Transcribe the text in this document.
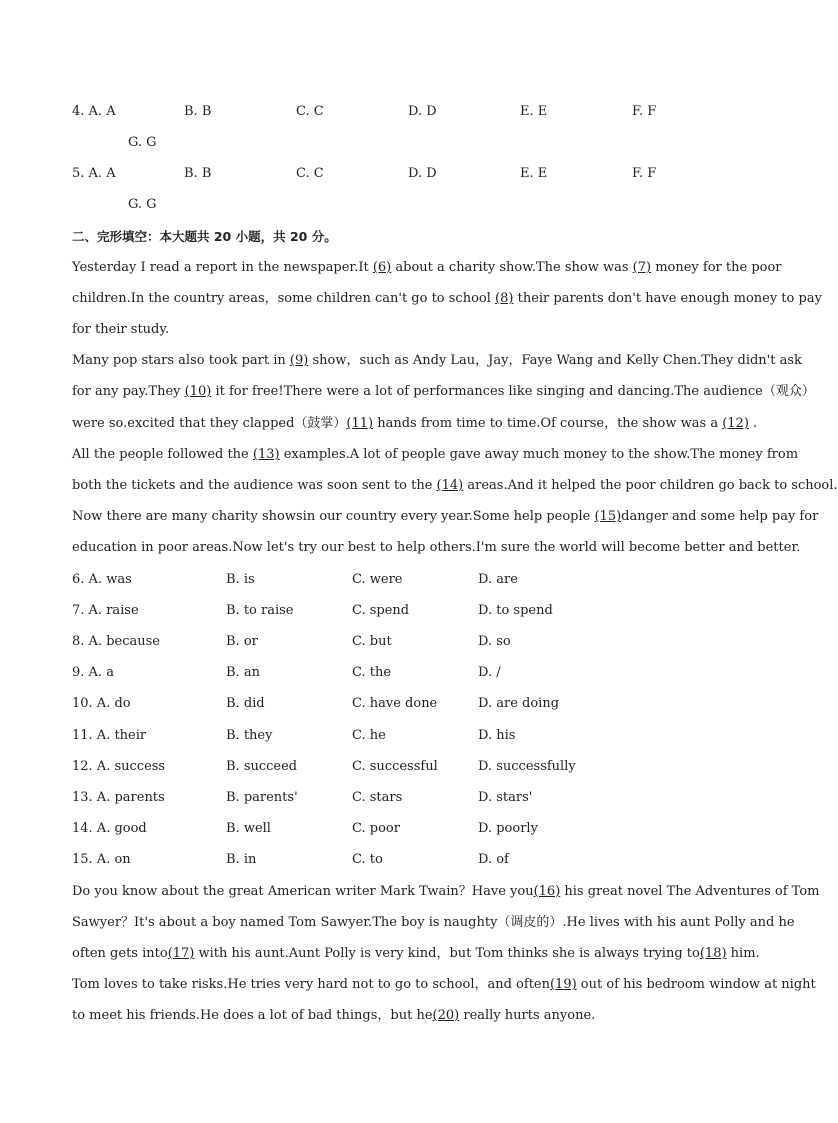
4. A. A	B. B	C. C	D. D	E. E	F. F
G. G
5. A. A	B. B	C. C	D. D	E. E	F. F
G. G
二、完形填空：本大题共 20 小题，共 20 分。
Yesterday I read a report in the newspaper.It (6) about a charity show.The show was (7) money for the poor
children.In the country areas，some children can't go to school (8) their parents don't have enough money to pay
for their study.
Many pop stars also took part in (9) show，such as Andy Lau，Jay，Faye Wang and Kelly Chen.They didn't ask
for any pay.They (10) it for free!There were a lot of performances like singing and dancing.The audience（观众）
were so.excited that they clapped（鼓掌）(11) hands from time to time.Of course，the show was a (12) .
All the people followed the (13) examples.A lot of people gave away much money to the show.The money from
both the tickets and the audience was soon sent to the (14) areas.And it helped the poor children go back to school.
Now there are many charity showsin our country every year.Some help people (15)danger and some help pay for
education in poor areas.Now let's try our best to help others.I'm sure the world will become better and better.
6. A. was	B. is	C. were	D. are
7. A. raise	B. to raise	C. spend	D. to spend
8. A. because	B. or	C. but	D. so
9. A. a	B. an	C. the	D. /
10. A. do	B. did	C. have done	D. are doing
11. A. their	B. they	C. he	D. his
12. A. success	B. succeed	C. successful	D. successfully
13. A. parents	B. parents'	C. stars	D. stars'
14. A. good	B. well	C. poor	D. poorly
15. A. on	B. in	C. to	D. of
Do you know about the great American writer Mark Twain？Have you(16) his great novel The Adventures of Tom
Sawyer？It's about a boy named Tom Sawyer.The boy is naughty（调皮的）.He lives with his aunt Polly and he
often gets into(17) with his aunt.Aunt Polly is very kind，but Tom thinks she is always trying to(18) him.
Tom loves to take risks.He tries very hard not to go to school，and often(19) out of his bedroom window at night
to meet his friends.He does a lot of bad things，but he(20) really hurts anyone.
